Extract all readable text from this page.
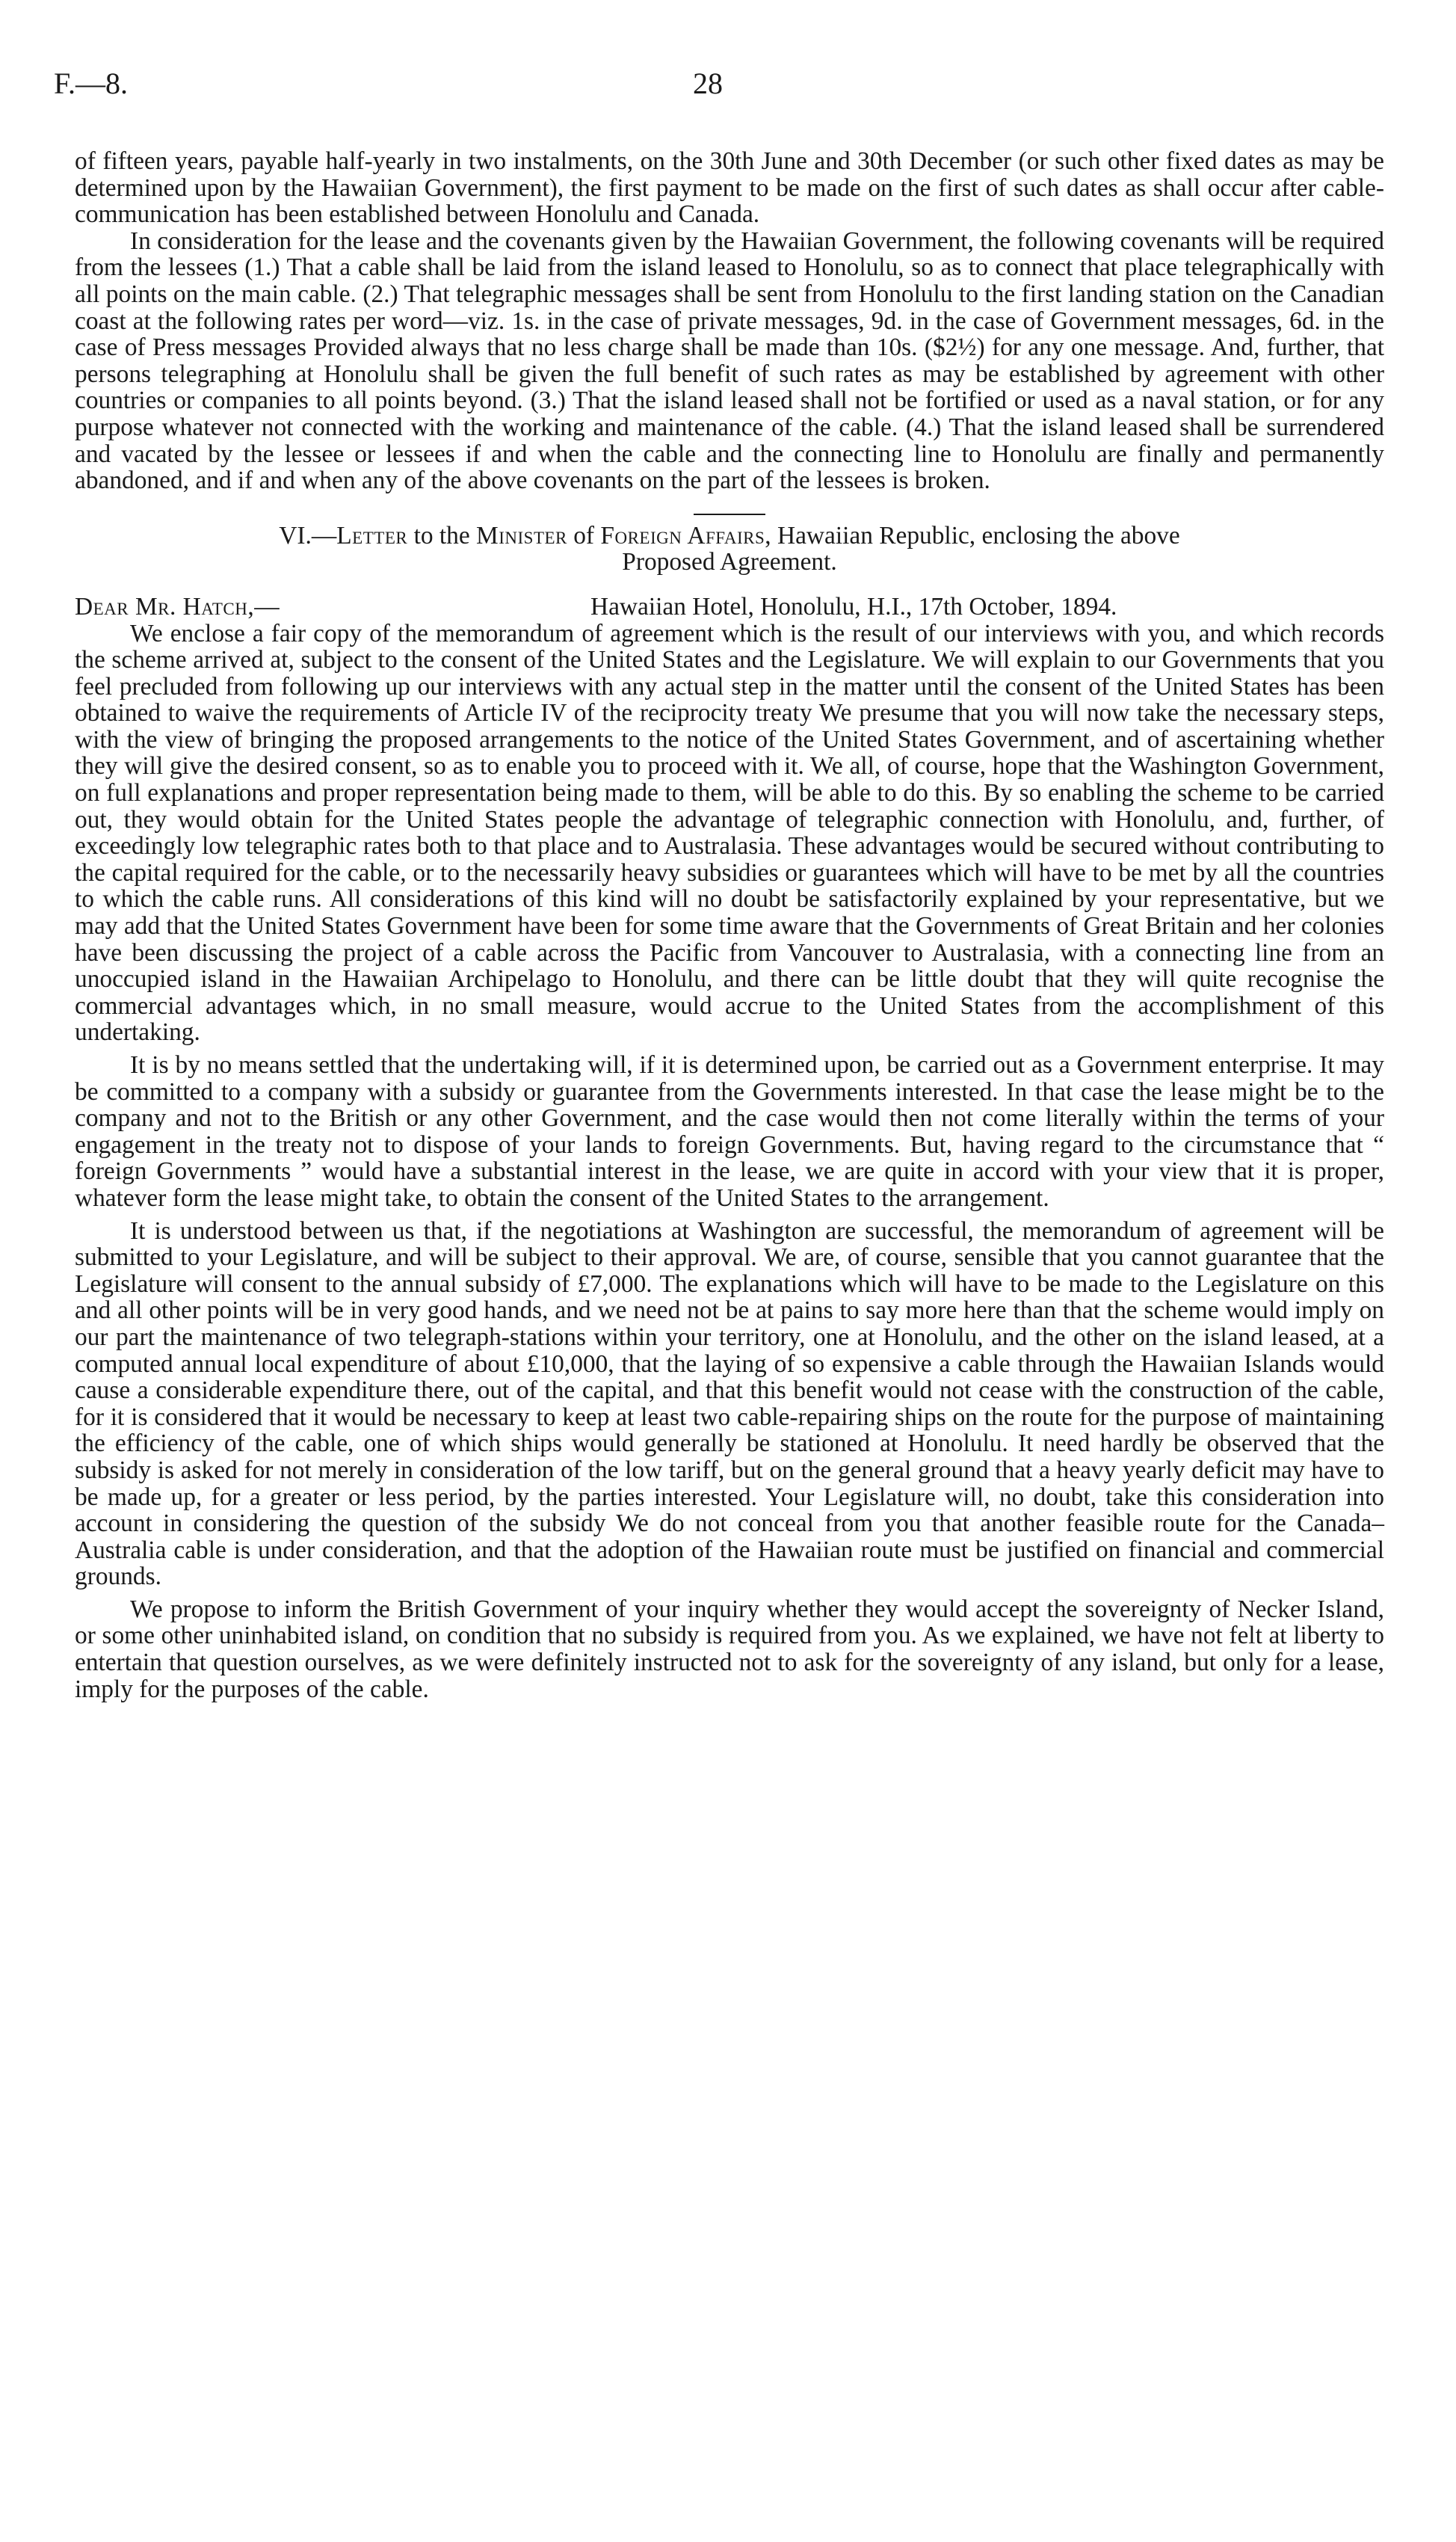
F.—8.	28

of fifteen years, payable half-yearly in two instalments, on the 30th June and 30th December (or such other fixed dates as may be determined upon by the Hawaiian Government), the first payment to be made on the first of such dates as shall occur after cable-communication has been established between Honolulu and Canada.

In consideration for the lease and the covenants given by the Hawaiian Government, the following covenants will be required from the lessees (1.) That a cable shall be laid from the island leased to Honolulu, so as to connect that place telegraphically with all points on the main cable. (2.) That telegraphic messages shall be sent from Honolulu to the first landing station on the Canadian coast at the following rates per word—viz. 1s. in the case of private messages, 9d. in the case of Government messages, 6d. in the case of Press messages Provided always that no less charge shall be made than 10s. ($2½) for any one message. And, further, that persons telegraphing at Honolulu shall be given the full benefit of such rates as may be established by agreement with other countries or companies to all points beyond. (3.) That the island leased shall not be fortified or used as a naval station, or for any purpose whatever not connected with the working and maintenance of the cable. (4.) That the island leased shall be surrendered and vacated by the lessee or lessees if and when the cable and the connecting line to Honolulu are finally and permanently abandoned, and if and when any of the above covenants on the part of the lessees is broken.

VI.—Letter to the Minister of Foreign Affairs, Hawaiian Republic, enclosing the above

Proposed Agreement.

Dear Mr. Hatch,—	Hawaiian Hotel, Honolulu, H.I., 17th October, 1894.

We enclose a fair copy of the memorandum of agreement which is the result of our interviews with you, and which records the scheme arrived at, subject to the consent of the United States and the Legislature. We will explain to our Governments that you feel precluded from following up our interviews with any actual step in the matter until the consent of the United States has been obtained to waive the requirements of Article IV of the reciprocity treaty We presume that you will now take the necessary steps, with the view of bringing the proposed arrangements to the notice of the United States Government, and of ascertaining whether they will give the desired consent, so as to enable you to proceed with it. We all, of course, hope that the Washington Government, on full explanations and proper representation being made to them, will be able to do this. By so enabling the scheme to be carried out, they would obtain for the United States people the advantage of telegraphic connection with Honolulu, and, further, of exceedingly low telegraphic rates both to that place and to Australasia. These advantages would be secured without contributing to the capital required for the cable, or to the necessarily heavy subsidies or guarantees which will have to be met by all the countries to which the cable runs. All considerations of this kind will no doubt be satisfactorily explained by your representative, but we may add that the United States Government have been for some time aware that the Governments of Great Britain and her colonies have been discussing the project of a cable across the Pacific from Vancouver to Australasia, with a connecting line from an unoccupied island in the Hawaiian Archipelago to Honolulu, and there can be little doubt that they will quite recognise the commercial advantages which, in no small measure, would accrue to the United States from the accomplishment of this undertaking.

It is by no means settled that the undertaking will, if it is determined upon, be carried out as a Government enterprise. It may be committed to a company with a subsidy or guarantee from the Governments interested. In that case the lease might be to the company and not to the British or any other Government, and the case would then not come literally within the terms of your engagement in the treaty not to dispose of your lands to foreign Governments. But, having regard to the circumstance that “ foreign Governments ” would have a substantial interest in the lease, we are quite in accord with your view that it is proper, whatever form the lease might take, to obtain the consent of the United States to the arrangement.

It is understood between us that, if the negotiations at Washington are successful, the memorandum of agreement will be submitted to your Legislature, and will be subject to their approval. We are, of course, sensible that you cannot guarantee that the Legislature will consent to the annual subsidy of £7,000. The explanations which will have to be made to the Legislature on this and all other points will be in very good hands, and we need not be at pains to say more here than that the scheme would imply on our part the maintenance of two telegraph-stations within your territory, one at Honolulu, and the other on the island leased, at a computed annual local expenditure of about £10,000, that the laying of so expensive a cable through the Hawaiian Islands would cause a considerable expenditure there, out of the capital, and that this benefit would not cease with the construction of the cable, for it is considered that it would be necessary to keep at least two cable-repairing ships on the route for the purpose of maintaining the efficiency of the cable, one of which ships would generally be stationed at Honolulu. It need hardly be observed that the subsidy is asked for not merely in consideration of the low tariff, but on the general ground that a heavy yearly deficit may have to be made up, for a greater or less period, by the parties interested. Your Legislature will, no doubt, take this consideration into account in considering the question of the subsidy We do not conceal from you that another feasible route for the Canada–Australia cable is under consideration, and that the adoption of the Hawaiian route must be justified on financial and commercial grounds.

We propose to inform the British Government of your inquiry whether they would accept the sovereignty of Necker Island, or some other uninhabited island, on condition that no subsidy is required from you. As we explained, we have not felt at liberty to entertain that question ourselves, as we were definitely instructed not to ask for the sovereignty of any island, but only for a lease, imply for the purposes of the cable.
